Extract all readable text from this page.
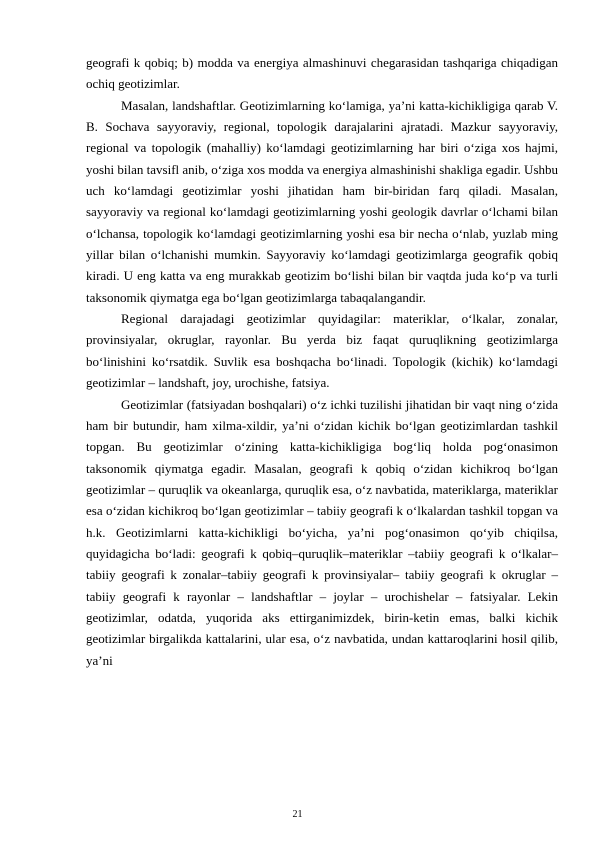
geografi k qobiq; b) modda va energiya almashinuvi chegarasidan tashqariga chiqadigan ochiq geotizimlar.

Masalan, landshaftlar. Geotizimlarning ko‘lamiga, ya’ni katta-kichikligiga qarab V. B. Sochava sayyoraviy, regional, topologik darajalarini ajratadi. Mazkur sayyoraviy, regional va topologik (mahalliy) ko‘lamdagi geotizimlarning har biri o‘ziga xos hajmi, yoshi bilan tavsifl anib, o‘ziga xos modda va energiya almashinishi shakliga egadir. Ushbu uch ko‘lamdagi geotizimlar yoshi jihatidan ham bir-biridan farq qiladi. Masalan, sayyoraviy va regional ko‘lamdagi geotizimlarning yoshi geologik davrlar o‘lchami bilan o‘lchansa, topologik ko‘lamdagi geotizimlarning yoshi esa bir necha o‘nlab, yuzlab ming yillar bilan o‘lchanishi mumkin. Sayyoraviy ko‘lamdagi geotizimlarga geografik qobiq kiradi. U eng katta va eng murakkab geotizim bo‘lishi bilan bir vaqtda juda ko‘p va turli taksonomik qiymatga ega bo‘lgan geotizimlarga tabaqalangandir.

Regional darajadagi geotizimlar quyidagilar: materiklar, o‘lkalar, zonalar, provinsiyalar, okruglar, rayonlar. Bu yerda biz faqat quruqlikning geotizimlarga bo‘linishini ko‘rsatdik. Suvlik esa boshqacha bo‘linadi. Topologik (kichik) ko‘lamdagi geotizimlar – landshaft, joy, urochishe, fatsiya.

Geotizimlar (fatsiyadan boshqalari) o‘z ichki tuzilishi jihatidan bir vaqt ning o‘zida ham bir butundir, ham xilma-xildir, ya’ni o‘zidan kichik bo‘lgan geotizimlardan tashkil topgan. Bu geotizimlar o‘zining katta-kichikligiga bog‘liq holda pog‘onasimon taksonomik qiymatga egadir. Masalan, geografi k qobiq o‘zidan kichikroq bo‘lgan geotizimlar – quruqlik va okeanlarga, quruqlik esa, o‘z navbatida, materiklarga, materiklar esa o‘zidan kichikroq bo‘lgan geotizimlar – tabiiy geografi k o‘lkalardan tashkil topgan va h.k. Geotizimlarni katta-kichikligi bo‘yicha, ya’ni pog‘onasimon qo‘yib chiqilsa, quyidagicha bo‘ladi: geografi k qobiq–quruqlik–materiklar –tabiiy geografi k o‘lkalar–tabiiy geografi k zonalar–tabiiy geografi k provinsiyalar– tabiiy geografi k okruglar – tabiiy geografi k rayonlar – landshaftlar – joylar – urochishelar – fatsiyalar. Lekin geotizimlar, odatda, yuqorida aks ettirganimizdek, birin-ketin emas, balki kichik geotizimlar birgalikda kattalarini, ular esa, o‘z navbatida, undan kattaroqlarini hosil qilib, ya’ni

21
